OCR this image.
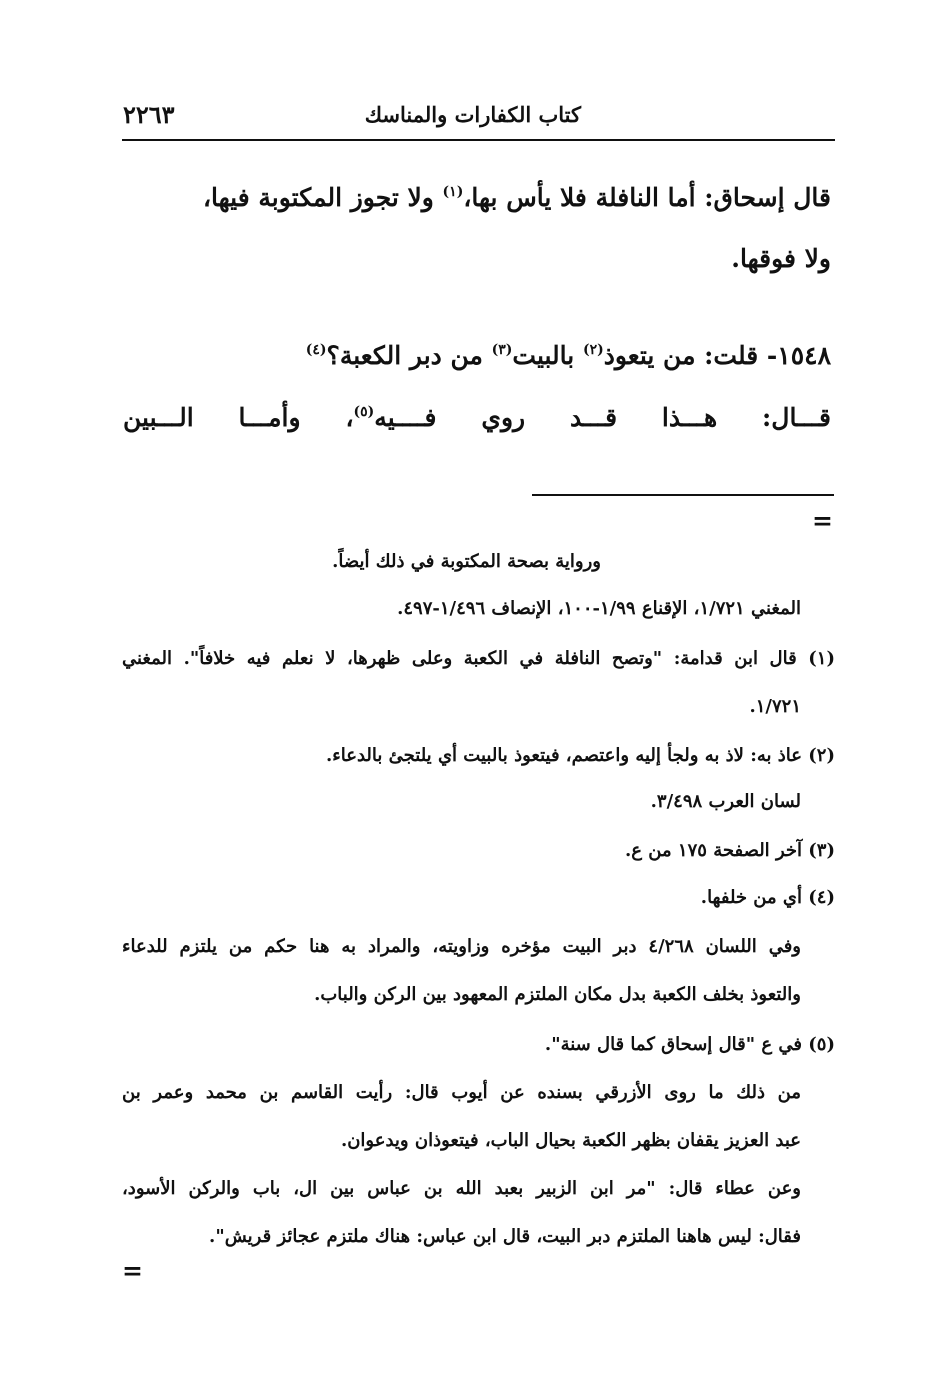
كتاب الكفارات والمناسك
٢٢٦٣
قال إسحاق: أما النافلة فلا يأس بها،$^{(١)}$ ولا تجوز المكتوبة فيها،
ولا فوقها.
١٥٤٨- قلت: من يتعوذ$^{(٢)}$ بالبيت$^{(٣)}$ من دبر الكعبة؟$^{(٤)}$
قـــال: هـــذا قـــد روي فــــيه$^{(٥)}$، وأمـــا الـــبين
=
ورواية بصحة المكتوبة في ذلك أيضاً.
المغني ١/٧٢١، الإقناع ١/٩٩-١٠٠، الإنصاف ١/٤٩٦-٤٩٧.
(١) قال ابن قدامة: "وتصح النافلة في الكعبة وعلى ظهرها، لا نعلم فيه خلافاً". المغني
١/٧٢١.
(٢) عاذ به: لاذ به ولجأ إليه واعتصم، فيتعوذ بالبيت أي يلتجئ بالدعاء.
لسان العرب ٣/٤٩٨.
(٣) آخر الصفحة ١٧٥ من ع.
(٤) أي من خلفها.
وفي اللسان ٤/٢٦٨ دبر البيت مؤخره وزاويته، والمراد به هنا حكم من يلتزم للدعاء
والتعوذ بخلف الكعبة بدل مكان الملتزم المعهود بين الركن والباب.
(٥) في ع "قال إسحاق كما قال سنة".
من ذلك ما روى الأزرقي بسنده عن أيوب قال: رأيت القاسم بن محمد وعمر بن
عبد العزيز يقفان بظهر الكعبة بحيال الباب، فيتعوذان ويدعوان.
وعن عطاء قال: "مر ابن الزبير بعبد الله بن عباس بين ال، باب والركن الأسود،
فقال: ليس هاهنا الملتزم دبر البيت، قال ابن عباس: هناك ملتزم عجائز قريش".
=
